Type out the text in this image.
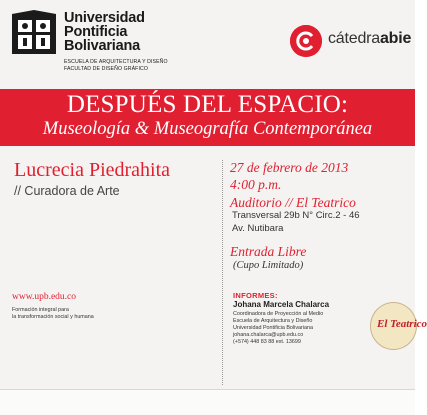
Universidad
Pontificia
Bolivariana
ESCUELA DE ARQUITECTURA Y DISEÑO
FACULTAD DE DISEÑO GRÁFICO
cátedraabie
DESPUÉS DEL ESPACIO:
Museología & Museografía Contemporánea
Lucrecia Piedrahita
// Curadora de Arte
27 de febrero de 2013
4:00 p.m.
Auditorio // El Teatrico
Transversal 29b N° Circ.2 - 46
Av. Nutibara
Entrada Libre
(Cupo Limitado)
INFORMES:
Johana Marcela Chalarca
Coordinadora de Proyección al Medio
Escuela de Arquitectura y Diseño
Universidad Pontificia Bolivariana
johana.chalarca@upb.edu.co
(+574) 448 83 88 ext. 13699
El Teatrico
www.upb.edu.co
Formación integral para
la transformación social y humana
